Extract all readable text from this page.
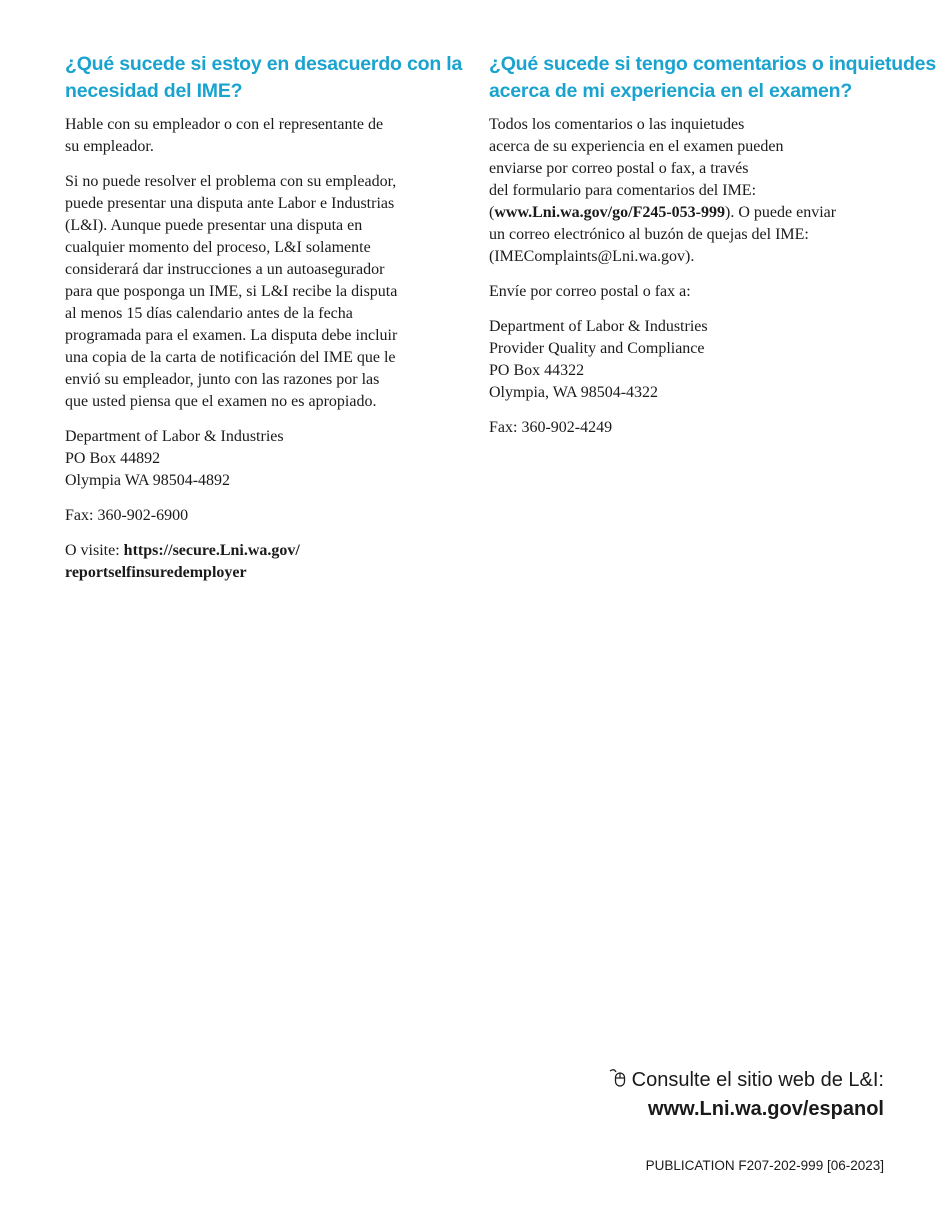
¿Qué sucede si estoy en desacuerdo con la
necesidad del IME?

Hable con su empleador o con el representante de
su empleador.

Si no puede resolver el problema con su empleador,
puede presentar una disputa ante Labor e Industrias
(L&I). Aunque puede presentar una disputa en
cualquier momento del proceso, L&I solamente
considerará dar instrucciones a un autoasegurador
para que posponga un IME, si L&I recibe la disputa
al menos 15 días calendario antes de la fecha
programada para el examen. La disputa debe incluir
una copia de la carta de notificación del IME que le
envió su empleador, junto con las razones por las
que usted piensa que el examen no es apropiado.

Department of Labor & Industries
PO Box 44892
Olympia WA 98504-4892

Fax: 360-902-6900

O visite: https://secure.Lni.wa.gov/
reportselfinsuredemployer

¿Qué sucede si tengo comentarios o inquietudes
acerca de mi experiencia en el examen?

Todos los comentarios o las inquietudes
acerca de su experiencia en el examen pueden
enviarse por correo postal o fax, a través
del formulario para comentarios del IME:
(www.Lni.wa.gov/go/F245-053-999). O puede enviar
un correo electrónico al buzón de quejas del IME:
(IMEComplaints@Lni.wa.gov).

Envíe por correo postal o fax a:

Department of Labor & Industries
Provider Quality and Compliance
PO Box 44322
Olympia, WA 98504-4322

Fax: 360-902-4249

Consulte el sitio web de L&I:
www.Lni.wa.gov/espanol
PUBLICATION F207-202-999 [06-2023]
